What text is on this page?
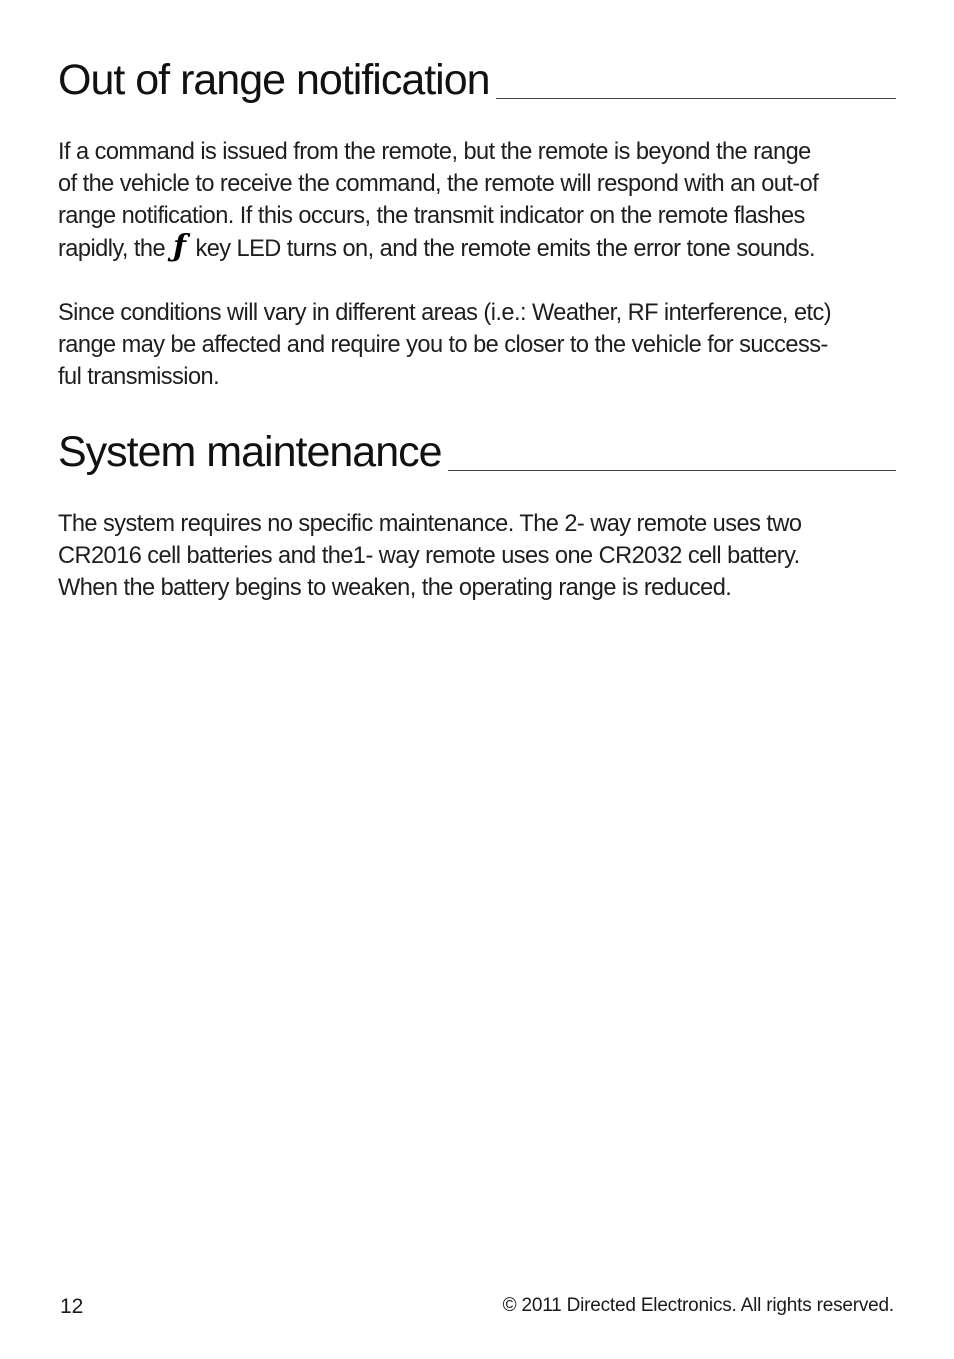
Out of range notification

If a command is issued from the remote, but the remote is beyond the range
of the vehicle to receive the command, the remote will respond with an out-of
range notification. If this occurs, the transmit indicator on the remote flashes
rapidly, the ƒ key LED turns on, and the remote emits the error tone sounds.

Since conditions will vary in different areas (i.e.: Weather, RF interference, etc)
range may be affected and require you to be closer to the vehicle for success-
ful transmission.

System maintenance

The system requires no specific maintenance. The 2- way remote uses two
CR2016 cell batteries and the1- way remote uses one CR2032 cell battery.
When the battery begins to weaken, the operating range is reduced.

12	© 2011 Directed Electronics. All rights reserved.
